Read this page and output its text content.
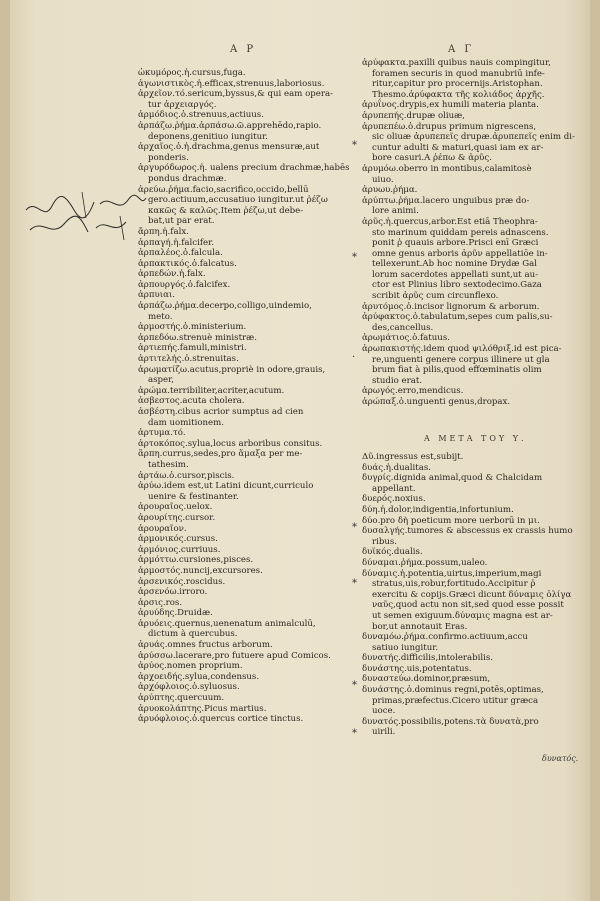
Α Ρ	Α Γ
ὠκυμόρος.ἡ.cursus,fuga.
ἀγωνιστικὸς.ἡ.efficax,strenuus,laboriosus.
ἀρχεῖον.τό.sericum,byssus,& qui eam opera-
tur ἀρχειαργός.
ἀρμόδιος.ὁ.strenuus,actiuus.
ἀρπάζω.ῥήμα.ἁρπάσω.ῶ.apprehēdo,rapio.
deponens,genitiuo iungitur.
ἀρχαῖος.ὁ.ἡ.drachma,genus mensuræ,aut
ponderis.
ἀργυρόδωρος.ἡ. ualens precium drachmæ,habēs
pondus drachmæ.
ἀρεύω.ῥήμα.facio,sacrifico,occido,bellū
gero.actiuum,accusatiuo iungitur.ut ῥέζω
κακῶς & καλῶς.Item ῥέζω,ut debe-
bat,ut par erat.
ἄρπη.ἡ.falx.
ἀρπαγή.ἡ.falcifer.
ἀρπαλέος.ὁ.falcula.
ἀρπακτικός.ὁ.falcatus.
ἀρπεδών.ἡ.falx.
ἀρπουργός.ὁ.falcifex.
ἀρπυιαι.
ἀρπάζω.ῥήμα.decerpo,colligo,uindemio,
meto.
ἀρμοστής.ὁ.ministerium.
ἀρπεδόω.strenuè ministræ.
ἀρτιεπής.famuli,ministri.
ἀρτιτελής.ὁ.strenuitas.
ἀρωματίζω.acutus,propriè in odore,grauis,
asper,
ἀρώμα.terribiliter,acriter,acutum.
ἀσβεστος.acuta cholera.
ἀσβέστη.cibus acrior sumptus ad cien
dam uomitionem.
ἀρτυμα.τό.
ἀρτοκόπος.sylua,locus arboribus consitus.
ἅρπη.currus,sedes,pro ἅμαξα per me-
tathesim.
ἀρτάω.ὁ.cursor,piscis.
ἀρύω.idem est,ut Latini dicunt,curriculo
uenire & festinanter.
ἀρουραῖος.uelox.
ἀρουρίτης.cursor.
ἀρουραῖον.
ἀρμονικός.cursus.
ἀρμόνιος.curriuus.
ἀρμόττω.cursiones,pisces.
ἀρμοστός.nuncij,excursores.
ἀρσενικός.roscidus.
ἀρσενόω.irroro.
ἀρσις.ros.
ἀρυύδης.Druidæ.
ἀρυόεις.quernus,uenenatum animalculū,
dictum à quercubus.
ἀρυάς.omnes fructus arborum.
ἀρύσσω.lacerare,pro futuere apud Comicos.
ἀρύος.nomen proprium.
ἀρχοειδής.sylua,condensus.
ἀρχόφλοιος.ὁ.syluosus.
ἀρύπτης.quercuum.
ἀρυοκολάπτης.Picus martius.
ἀρυόφλοιος.ὁ.quercus cortice tinctus.
ἀρύφακτα.paxilli quibus nauis compingitur,
foramen securis in quod manubriū infe-
ritur,capitur pro procernijs.Aristophan.
Thesmo.ἀρύφακτα τῆς κολιάδος ἀρχῆς.
ἀρυΐνος.drypis,ex humili materia planta.
ἀρυπεπής.drupæ oliuæ,
ἀρυπεπέω.ὁ.drupus primum nigrescens,
sic oliuæ ἀρυπεπεῖς drupæ.ἀρυπεπεῖς enim di-
cuntur adulti & maturi,quasi iam ex ar-
bore casuri.A ῥέπω & ἀρῦς.
ἀρυμόω.oberro in montibus,calamitosè
uiuo.
ἀρυωυ.ῥήμα.
ἀρύπτω.ῥήμα.lacero unguibus præ do-
lore animi.
ἀρῦς.ἡ.quercus,arbor.Est etiā Theophra-
sto marinum quiddam pereis adnascens.
ponit ῥ quauis arbore.Prisci enī Græci
omne genus arboris ἀρῦν appellatiōe in-
tellexerunt.Ab hoc nomine Drydæ Gal
lorum sacerdotes appellati sunt,ut au-
ctor est Plinius libro sextodecimo.Gaza
scribit ἀρῦς cum circunflexo.
ἀρυτόμος.ὁ.incisor lignorum & arborum.
ἀρύφακτος.ὁ.tabulatum,sepes cum palis,su-
des,cancellus.
ἀρωμάτιος.ὁ.fatuus.
ἀρωπακιστής.idem quod ψιλόθριξ.id est pica-
re,unguenti genere corpus illinere ut gla
brum fiat à pilis,quod effœminatis olim
studio erat.
ἀρωγός.erro,mendicus.
ἀρώπαξ.ὁ.unguenti genus,dropax.
Α ΜΕΤΑ ΤΟΥ Υ.
Δῦ.ingressus est,subijt.
δυάς.ἡ.dualitas.
δυγρίς.dignida animal,quod & Chalcidam
appellant.
δυερός.noxius.
δύη.ἡ.dolor,indigentia,infortunium.
δύο.pro δὴ poeticum more uerborū in μι.
δυσαλγής.tumores & abscessus ex crassis humo
ribus.
δυϊκός.dualis.
δύναμαι.ῥήμα.possum,ualeo.
δύναμις.ἡ.potentia,uirtus,imperium,magi
stratus,uis,robur,fortitudo.Accipitur ῥ
exercitu & copijs.Græci dicunt δύναμις ὀλίγα
ναῦς,quod actu non sit,sed quod esse possit
ut semen exiguum.δύναμις magna est ar-
bor,ut annotauit Eras.
δυναμόω.ῥήμα.confirmo.actiuum,accu
satiuo iungitur.
δυνατής.difficilis,intolerabilis.
δυνάστης.uis,potentatus.
δυναστεύω.dominor,præsum,
δυνάστης.ὁ.dominus regni,potēs,optimas,
primas,præfectus.Cicero utitur græca
uoce.
δυνατός.possibilis,potens.τὰ δυνατὰ,pro
uirili.
*
*
·
*
*
*
*
δυνατός.
